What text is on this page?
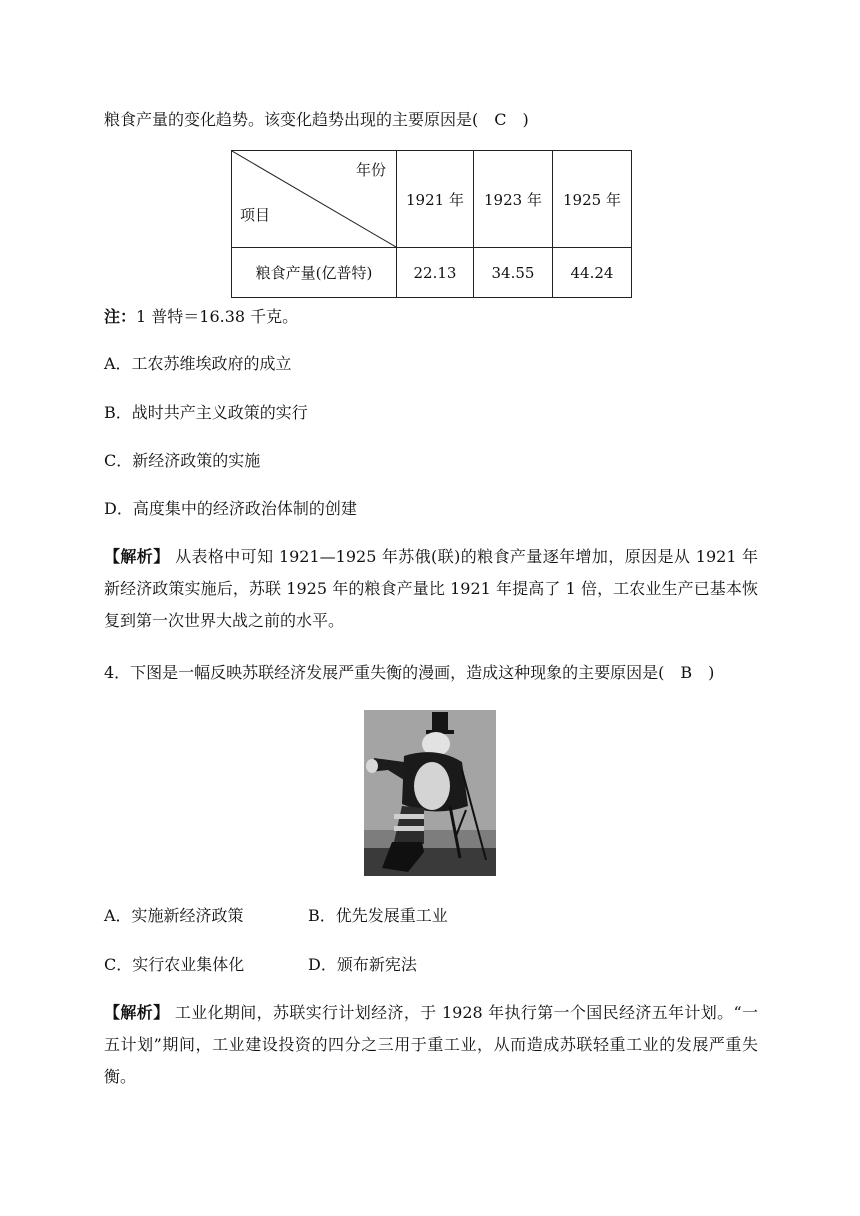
粮食产量的变化趋势。该变化趋势出现的主要原因是(　C　)
年份
项目	1921 年	1923 年	1925 年
粮食产量(亿普特)	22.13	34.55	44.24
注：1 普特＝16.38 千克。
A．工农苏维埃政府的成立
B．战时共产主义政策的实行
C．新经济政策的实施
D．高度集中的经济政治体制的创建
【解析】 从表格中可知 1921—1925 年苏俄(联)的粮食产量逐年增加，原因是从 1921 年新经济政策实施后，苏联 1925 年的粮食产量比 1921 年提高了 1 倍，工农业生产已基本恢复到第一次世界大战之前的水平。
4．下图是一幅反映苏联经济发展严重失衡的漫画，造成这种现象的主要原因是(　B　)
A．实施新经济政策	B．优先发展重工业
C．实行农业集体化	D．颁布新宪法
【解析】 工业化期间，苏联实行计划经济，于 1928 年执行第一个国民经济五年计划。“一五计划”期间，工业建设投资的四分之三用于重工业，从而造成苏联轻重工业的发展严重失衡。
